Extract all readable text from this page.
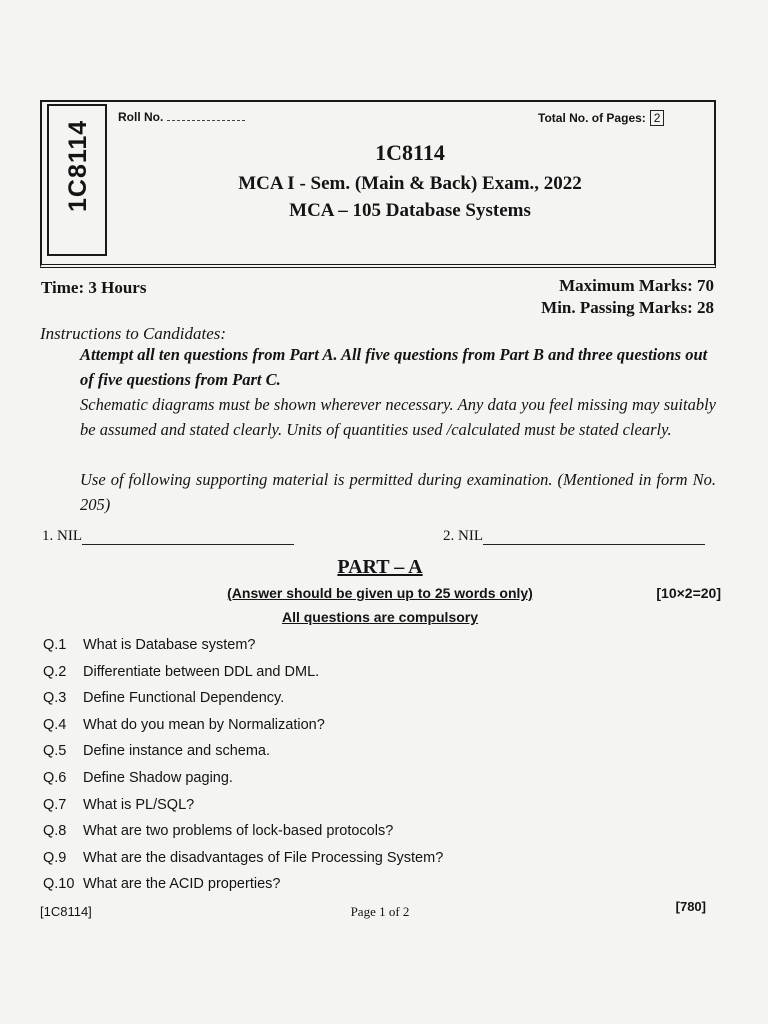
1C8114
Roll No.	Total No. of Pages: 2
1C8114
MCA I - Sem. (Main & Back) Exam., 2022
MCA – 105 Database Systems
Time: 3 Hours	Maximum Marks: 70
Min. Passing Marks: 28
Instructions to Candidates:
Attempt all ten questions from Part A. All five questions from Part B and three questions out of five questions from Part C.
Schematic diagrams must be shown wherever necessary. Any data you feel missing may suitably be assumed and stated clearly. Units of quantities used /calculated must be stated clearly.
Use of following supporting material is permitted during examination. (Mentioned in form No. 205)
1. NIL	2. NIL
PART – A
(Answer should be given up to 25 words only)	[10×2=20]
All questions are compulsory
Q.1 What is Database system?
Q.2 Differentiate between DDL and DML.
Q.3 Define Functional Dependency.
Q.4 What do you mean by Normalization?
Q.5 Define instance and schema.
Q.6 Define Shadow paging.
Q.7 What is PL/SQL?
Q.8 What are two problems of lock-based protocols?
Q.9 What are the disadvantages of File Processing System?
Q.10 What are the ACID properties?
[1C8114]	Page 1 of 2	[780]
